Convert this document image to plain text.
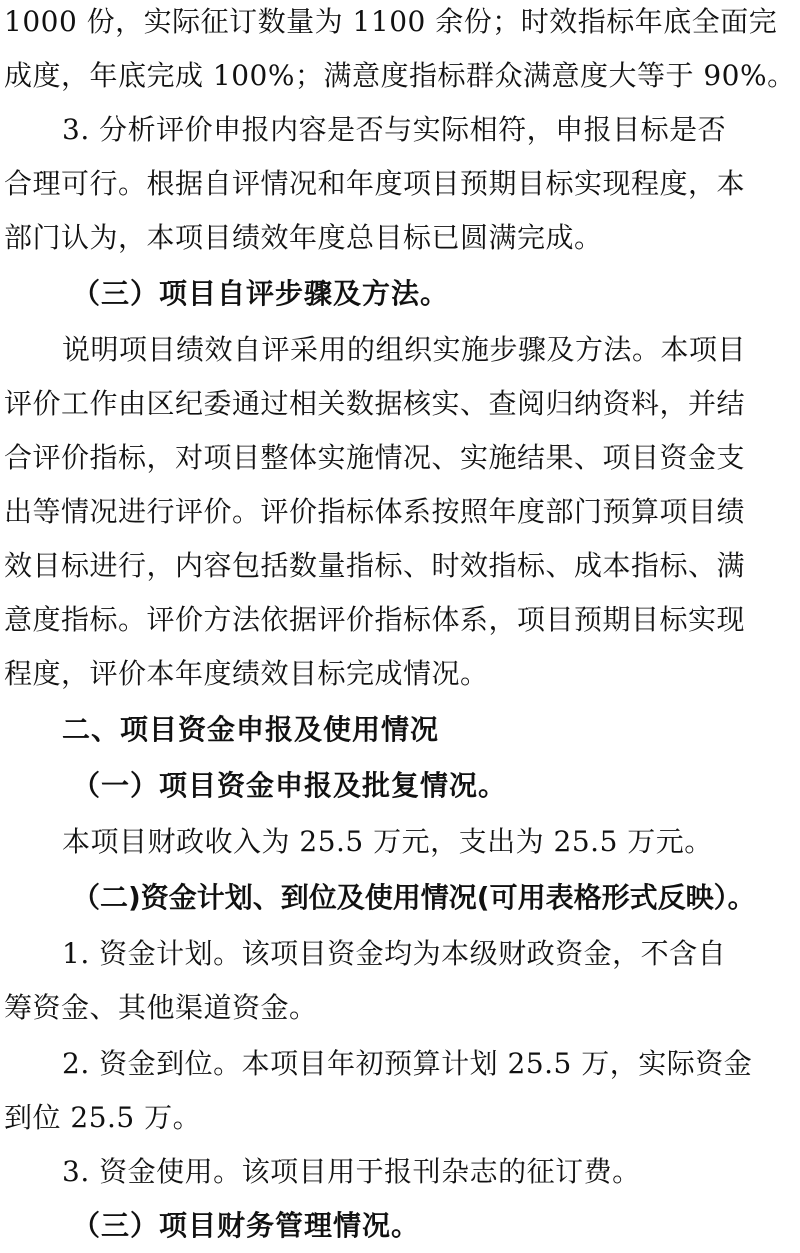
1000 份，实际征订数量为 1100 余份；时效指标年底全面完
成度，年底完成 100%；满意度指标群众满意度大等于 90%。
3. 分析评价申报内容是否与实际相符，申报目标是否
合理可行。根据自评情况和年度项目预期目标实现程度，本
部门认为，本项目绩效年度总目标已圆满完成。
（三）项目自评步骤及方法。
说明项目绩效自评采用的组织实施步骤及方法。本项目
评价工作由区纪委通过相关数据核实、查阅归纳资料，并结
合评价指标，对项目整体实施情况、实施结果、项目资金支
出等情况进行评价。评价指标体系按照年度部门预算项目绩
效目标进行，内容包括数量指标、时效指标、成本指标、满
意度指标。评价方法依据评价指标体系，项目预期目标实现
程度，评价本年度绩效目标完成情况。
二、项目资金申报及使用情况
（一）项目资金申报及批复情况。
本项目财政收入为 25.5 万元，支出为 25.5 万元。
（二)资金计划、到位及使用情况(可用表格形式反映）。
1. 资金计划。该项目资金均为本级财政资金，不含自
筹资金、其他渠道资金。
2. 资金到位。本项目年初预算计划 25.5 万，实际资金
到位 25.5 万。
3. 资金使用。该项目用于报刊杂志的征订费。
（三）项目财务管理情况。
